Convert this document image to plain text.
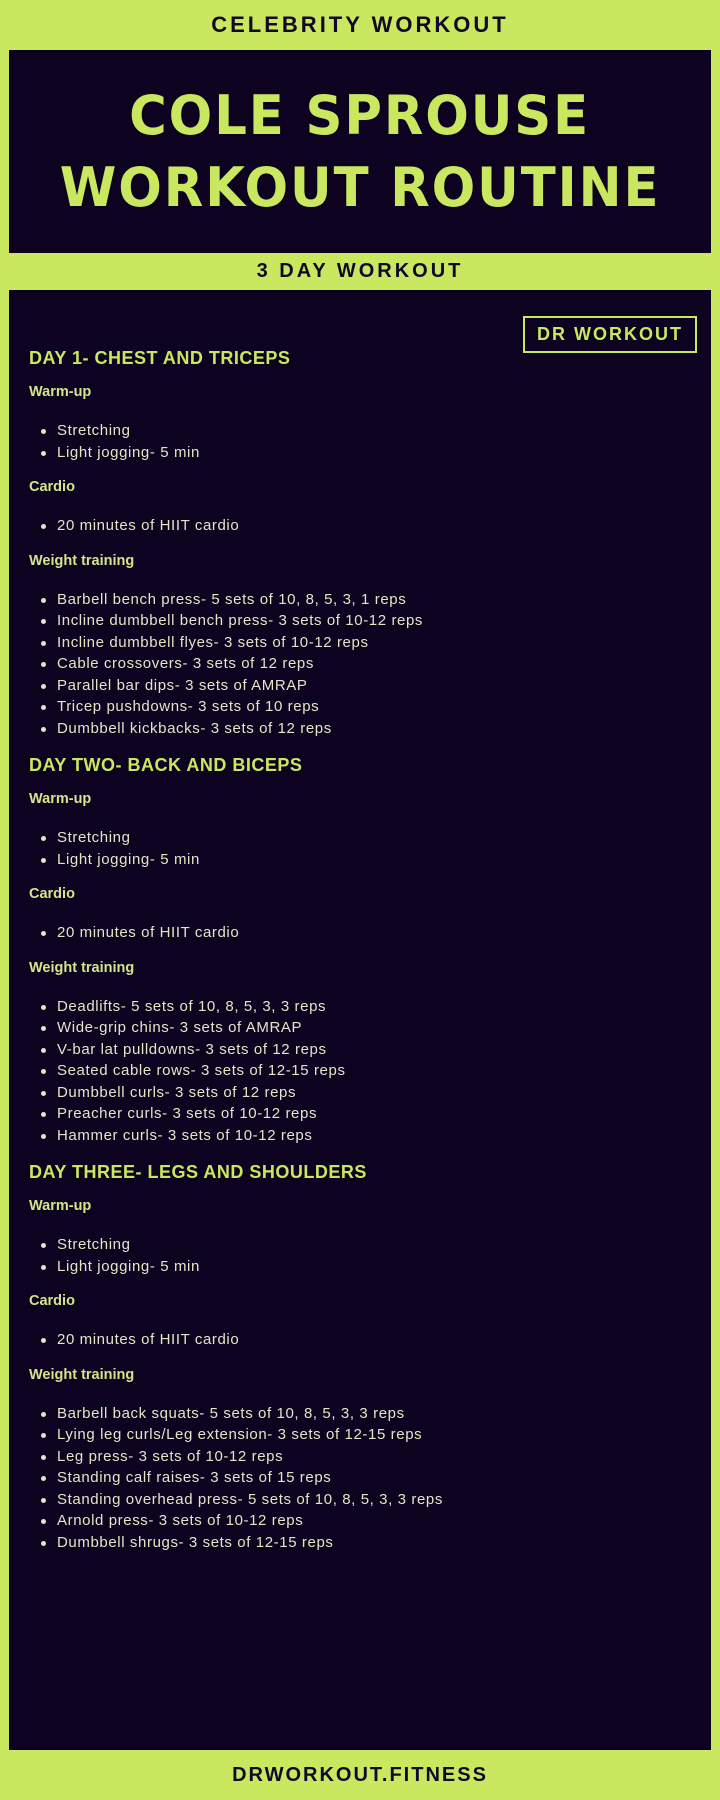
CELEBRITY WORKOUT
COLE SPROUSE
WORKOUT ROUTINE
3 DAY WORKOUT
DR WORKOUT
DAY 1- CHEST AND TRICEPS
Warm-up
Stretching
Light jogging- 5 min
Cardio
20 minutes of HIIT cardio
Weight training
Barbell bench press- 5 sets of 10, 8, 5, 3, 1 reps
Incline dumbbell bench press- 3 sets of 10-12 reps
Incline dumbbell flyes- 3 sets of 10-12 reps
Cable crossovers- 3 sets of 12 reps
Parallel bar dips- 3 sets of AMRAP
Tricep pushdowns- 3 sets of 10 reps
Dumbbell kickbacks- 3 sets of 12 reps
DAY TWO- BACK AND BICEPS
Warm-up
Stretching
Light jogging- 5 min
Cardio
20 minutes of HIIT cardio
Weight training
Deadlifts- 5 sets of 10, 8, 5, 3, 3 reps
Wide-grip chins- 3 sets of AMRAP
V-bar lat pulldowns- 3 sets of 12 reps
Seated cable rows- 3 sets of 12-15 reps
Dumbbell curls- 3 sets of 12 reps
Preacher curls- 3 sets of 10-12 reps
Hammer curls- 3 sets of 10-12 reps
DAY THREE- LEGS AND SHOULDERS
Warm-up
Stretching
Light jogging- 5 min
Cardio
20 minutes of HIIT cardio
Weight training
Barbell back squats- 5 sets of 10, 8, 5, 3, 3 reps
Lying leg curls/Leg extension- 3 sets of 12-15 reps
Leg press- 3 sets of 10-12 reps
Standing calf raises- 3 sets of 15 reps
Standing overhead press- 5 sets of 10, 8, 5, 3, 3 reps
Arnold press- 3 sets of 10-12 reps
Dumbbell shrugs- 3 sets of 12-15 reps
DRWORKOUT.FITNESS
